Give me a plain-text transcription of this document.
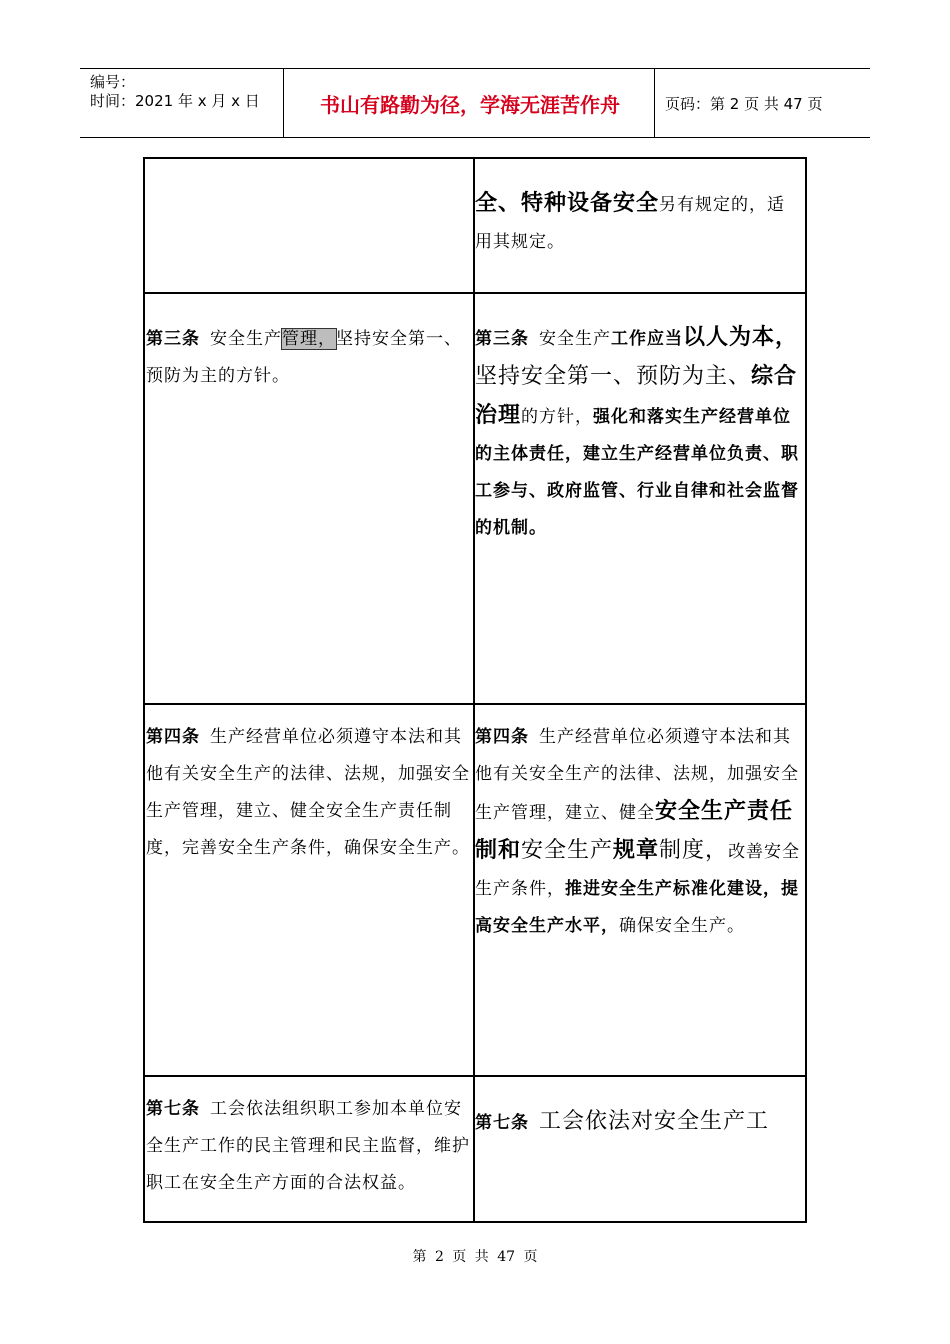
编号：
时间：2021 年 x 月 x 日	书山有路勤为径，学海无涯苦作舟	页码：第 2 页 共 47 页
全、特种设备安全另有规定的，适用其规定。
第三条 安全生产管理，坚持安全第一、预防为主的方针。
第三条 安全生产工作应当以人为本，坚持安全第一、预防为主、综合治理的方针，强化和落实生产经营单位的主体责任，建立生产经营单位负责、职工参与、政府监管、行业自律和社会监督的机制。
第四条 生产经营单位必须遵守本法和其他有关安全生产的法律、法规，加强安全生产管理，建立、健全安全生产责任制度，完善安全生产条件，确保安全生产。
第四条 生产经营单位必须遵守本法和其他有关安全生产的法律、法规，加强安全生产管理，建立、健全安全生产责任制和安全生产规章制度，改善安全生产条件，推进安全生产标准化建设，提高安全生产水平，确保安全生产。
第七条 工会依法组织职工参加本单位安全生产工作的民主管理和民主监督，维护职工在安全生产方面的合法权益。
第七条 工会依法对安全生产工
第 2 页 共 47 页
